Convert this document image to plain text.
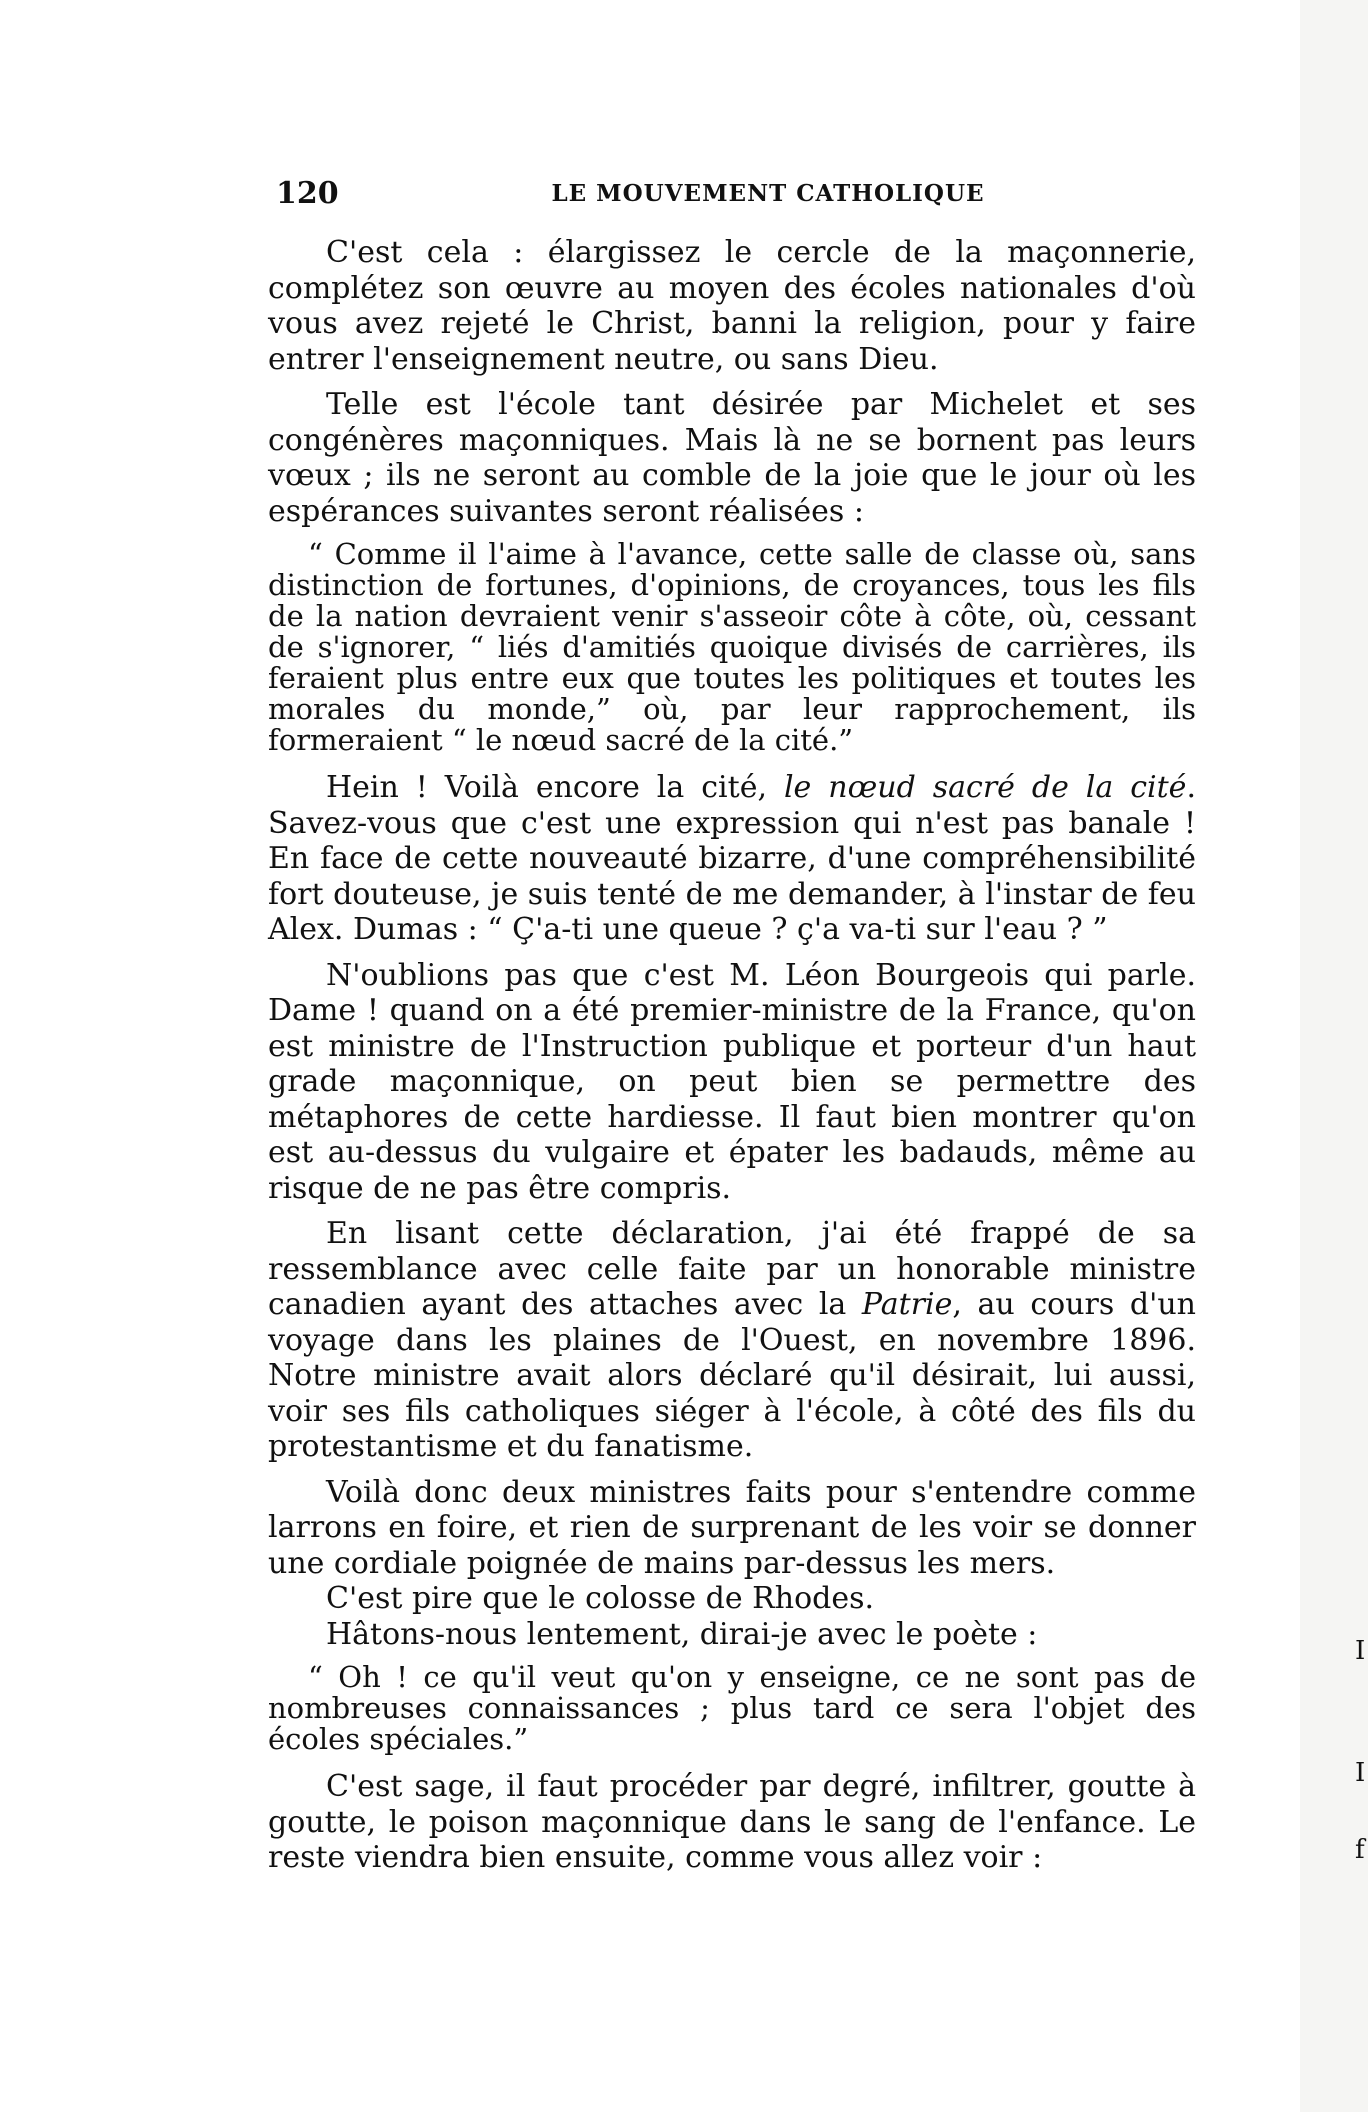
120	LE MOUVEMENT CATHOLIQUE

C'est cela : élargissez le cercle de la maçonnerie, complétez son œuvre au moyen des écoles nationales d'où vous avez rejeté le Christ, banni la religion, pour y faire entrer l'enseignement neutre, ou sans Dieu.

Telle est l'école tant désirée par Michelet et ses congénères maçonniques. Mais là ne se bornent pas leurs vœux ; ils ne seront au comble de la joie que le jour où les espérances suivantes seront réalisées :

“ Comme il l'aime à l'avance, cette salle de classe où, sans distinction de fortunes, d'opinions, de croyances, tous les fils de la nation devraient venir s'asseoir côte à côte, où, cessant de s'ignorer, “ liés d'amitiés quoique divisés de carrières, ils feraient plus entre eux que toutes les politiques et toutes les morales du monde,” où, par leur rapprochement, ils formeraient “ le nœud sacré de la cité.”

Hein ! Voilà encore la cité, le nœud sacré de la cité. Savez-vous que c'est une expression qui n'est pas banale ! En face de cette nouveauté bizarre, d'une compréhensibilité fort douteuse, je suis tenté de me demander, à l'instar de feu Alex. Dumas : “ Ç'a-ti une queue ? ç'a va-ti sur l'eau ? ”

N'oublions pas que c'est M. Léon Bourgeois qui parle. Dame ! quand on a été premier-ministre de la France, qu'on est ministre de l'Instruction publique et porteur d'un haut grade maçonnique, on peut bien se permettre des métaphores de cette hardiesse. Il faut bien montrer qu'on est au-dessus du vulgaire et épater les badauds, même au risque de ne pas être compris.

En lisant cette déclaration, j'ai été frappé de sa ressemblance avec celle faite par un honorable ministre canadien ayant des attaches avec la Patrie, au cours d'un voyage dans les plaines de l'Ouest, en novembre 1896. Notre ministre avait alors déclaré qu'il désirait, lui aussi, voir ses fils catholiques siéger à l'école, à côté des fils du protestantisme et du fanatisme.

Voilà donc deux ministres faits pour s'entendre comme larrons en foire, et rien de surprenant de les voir se donner une cordiale poignée de mains par-dessus les mers.

C'est pire que le colosse de Rhodes.

Hâtons-nous lentement, dirai-je avec le poète :

“ Oh ! ce qu'il veut qu'on y enseigne, ce ne sont pas de nombreuses connaissances ; plus tard ce sera l'objet des écoles spéciales.”

C'est sage, il faut procéder par degré, infiltrer, goutte à goutte, le poison maçonnique dans le sang de l'enfance. Le reste viendra bien ensuite, comme vous allez voir :

I
I
f
